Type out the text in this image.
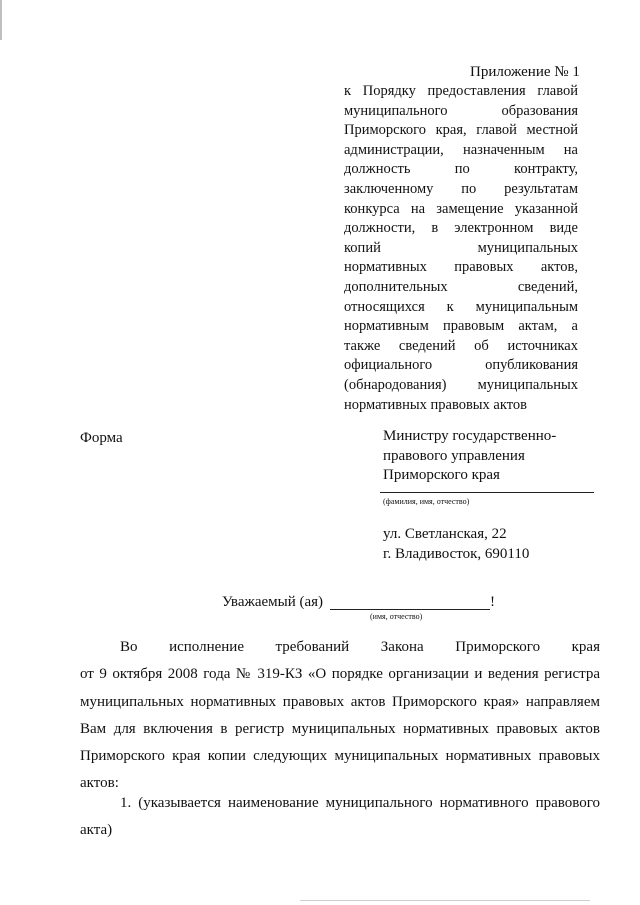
Приложение № 1
к Порядку предоставления главой
муниципального образования
Приморского края, главой местной
администрации, назначенным на
должность по контракту,
заключенному по результатам
конкурса на замещение указанной
должности, в электронном виде
копий муниципальных
нормативных правовых актов,
дополнительных сведений,
относящихся к муниципальным
нормативным правовым актам, а
также сведений об источниках
официального опубликования
(обнародования) муниципальных
нормативных правовых актов
Форма	Министру государственно-
правового управления
Приморского края
(фамилия, имя, отчество)
ул. Светланская, 22
г. Владивосток, 690110
Уважаемый (ая)	!
(имя, отчество)
Во исполнение требований Закона Приморского края
от 9 октября 2008 года № 319-КЗ «О порядке организации и ведения регистра
муниципальных нормативных правовых актов Приморского края» направляем
Вам для включения в регистр муниципальных нормативных правовых актов
Приморского края копии следующих муниципальных нормативных правовых
актов:
1. (указывается наименование муниципального нормативного правового
акта)
